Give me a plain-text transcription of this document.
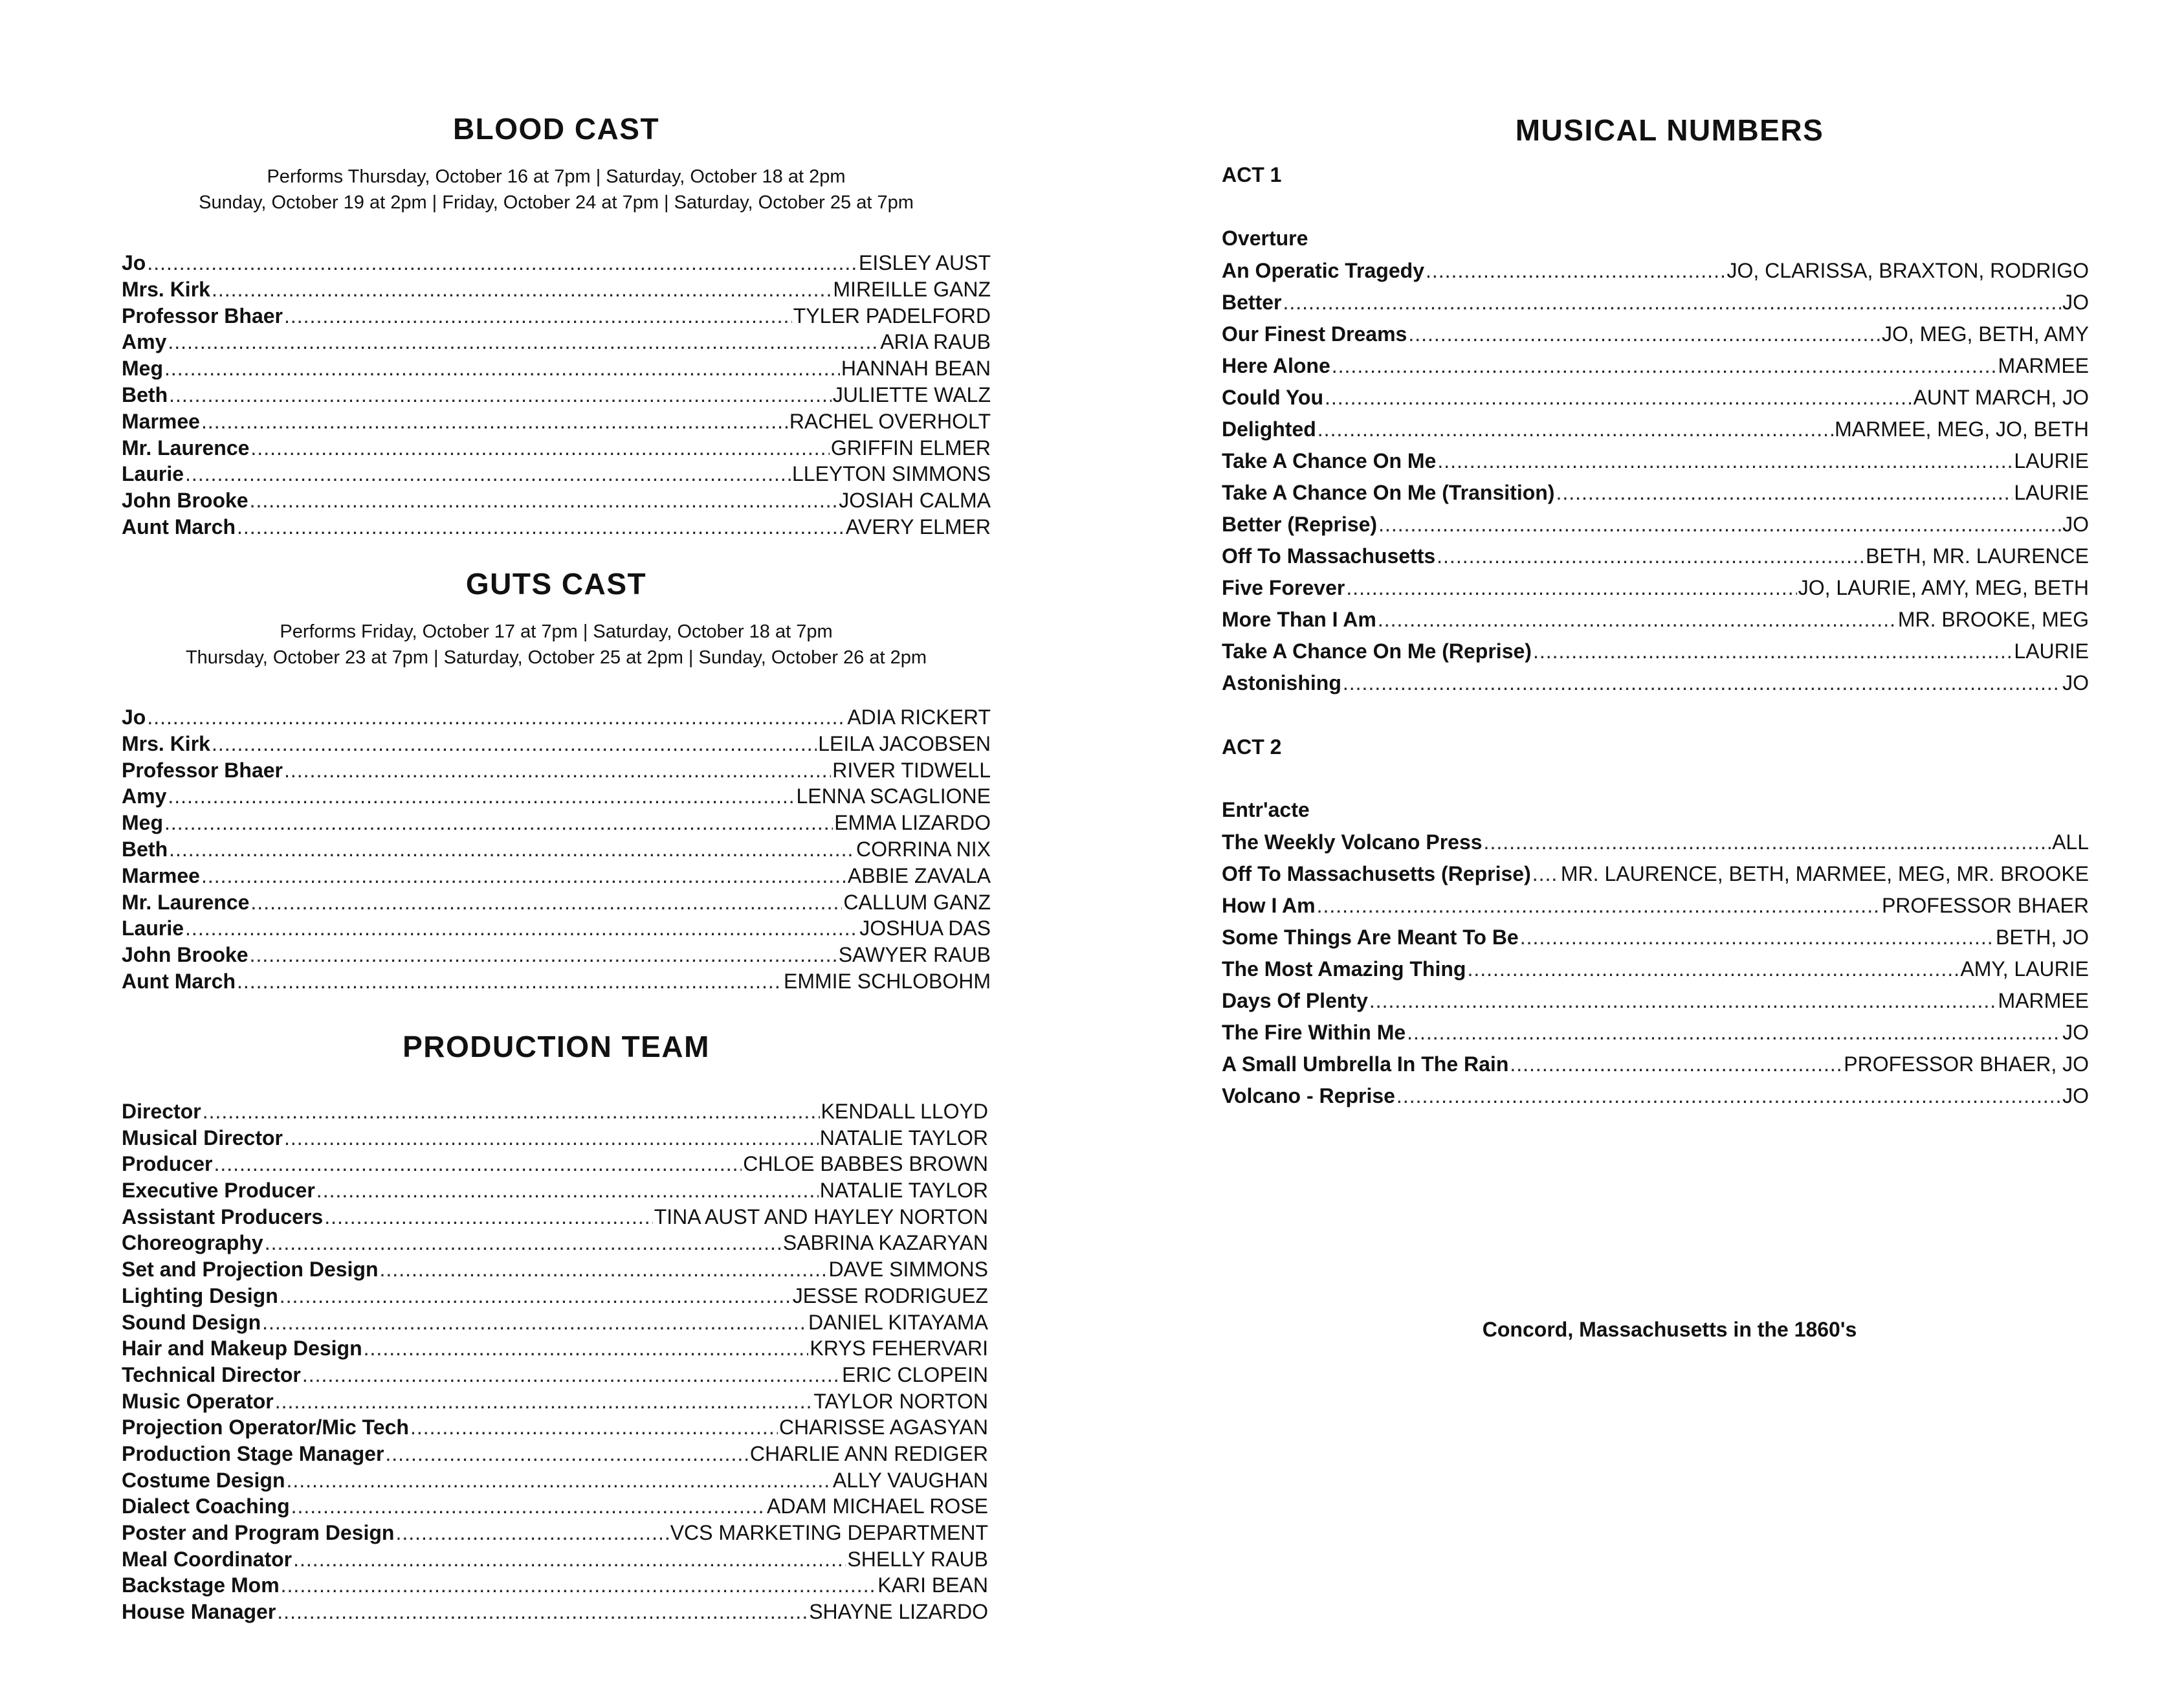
BLOOD CAST
Performs Thursday, October 16 at 7pm | Saturday, October 18 at 2pm
Sunday, October 19 at 2pm | Friday, October 24 at 7pm | Saturday, October 25 at 7pm
Jo .....	EISLEY AUST
Mrs. Kirk .....	MIREILLE GANZ
Professor Bhaer .....	TYLER PADELFORD
Amy .....	ARIA RAUB
Meg .....	HANNAH BEAN
Beth .....	JULIETTE WALZ
Marmee .....	RACHEL OVERHOLT
Mr. Laurence .....	GRIFFIN ELMER
Laurie .....	LLEYTON SIMMONS
John Brooke .....	JOSIAH CALMA
Aunt March .....	AVERY ELMER
GUTS CAST
Performs Friday, October 17 at 7pm | Saturday, October 18 at 7pm
Thursday, October 23 at 7pm | Saturday, October 25 at 2pm | Sunday, October 26 at 2pm
Jo .....	ADIA RICKERT
Mrs. Kirk .....	LEILA JACOBSEN
Professor Bhaer .....	RIVER TIDWELL
Amy .....	LENNA SCAGLIONE
Meg .....	EMMA LIZARDO
Beth .....	CORRINA NIX
Marmee .....	ABBIE ZAVALA
Mr. Laurence .....	CALLUM GANZ
Laurie .....	JOSHUA DAS
John Brooke .....	SAWYER RAUB
Aunt March .....	EMMIE SCHLOBOHM
PRODUCTION TEAM
Director .....	KENDALL LLOYD
Musical Director .....	NATALIE TAYLOR
Producer .....	CHLOE BABBES BROWN
Executive Producer .....	NATALIE TAYLOR
Assistant Producers .....	TINA AUST AND HAYLEY NORTON
Choreography .....	SABRINA KAZARYAN
Set and Projection Design .....	DAVE SIMMONS
Lighting Design .....	JESSE RODRIGUEZ
Sound Design .....	DANIEL KITAYAMA
Hair and Makeup Design .....	KRYS FEHERVARI
Technical Director .....	ERIC CLOPEIN
Music Operator .....	TAYLOR NORTON
Projection Operator/Mic Tech .....	CHARISSE AGASYAN
Production Stage Manager .....	CHARLIE ANN REDIGER
Costume Design .....	ALLY VAUGHAN
Dialect Coaching .....	ADAM MICHAEL ROSE
Poster and Program Design .....	VCS MARKETING DEPARTMENT
Meal Coordinator .....	SHELLY RAUB
Backstage Mom .....	KARI BEAN
House Manager .....	SHAYNE LIZARDO
MUSICAL NUMBERS
ACT 1
Overture
An Operatic Tragedy .....	JO, CLARISSA, BRAXTON, RODRIGO
Better .....	JO
Our Finest Dreams .....	JO, MEG, BETH, AMY
Here Alone .....	MARMEE
Could You .....	AUNT MARCH, JO
Delighted .....	MARMEE, MEG, JO, BETH
Take A Chance On Me .....	LAURIE
Take A Chance On Me (Transition) .....	LAURIE
Better (Reprise) .....	JO
Off To Massachusetts .....	BETH, MR. LAURENCE
Five Forever .....	JO, LAURIE, AMY, MEG, BETH
More Than I Am .....	MR. BROOKE, MEG
Take A Chance On Me (Reprise) .....	LAURIE
Astonishing .....	JO
ACT 2
Entr'acte
The Weekly Volcano Press .....	ALL
Off To Massachusetts (Reprise) ..... MR. LAURENCE, BETH, MARMEE, MEG, MR. BROOKE
How I Am .....	PROFESSOR BHAER
Some Things Are Meant To Be .....	BETH, JO
The Most Amazing Thing .....	AMY, LAURIE
Days Of Plenty .....	MARMEE
The Fire Within Me .....	JO
A Small Umbrella In The Rain .....	PROFESSOR BHAER, JO
Volcano - Reprise .....	JO
Concord, Massachusetts in the 1860's
